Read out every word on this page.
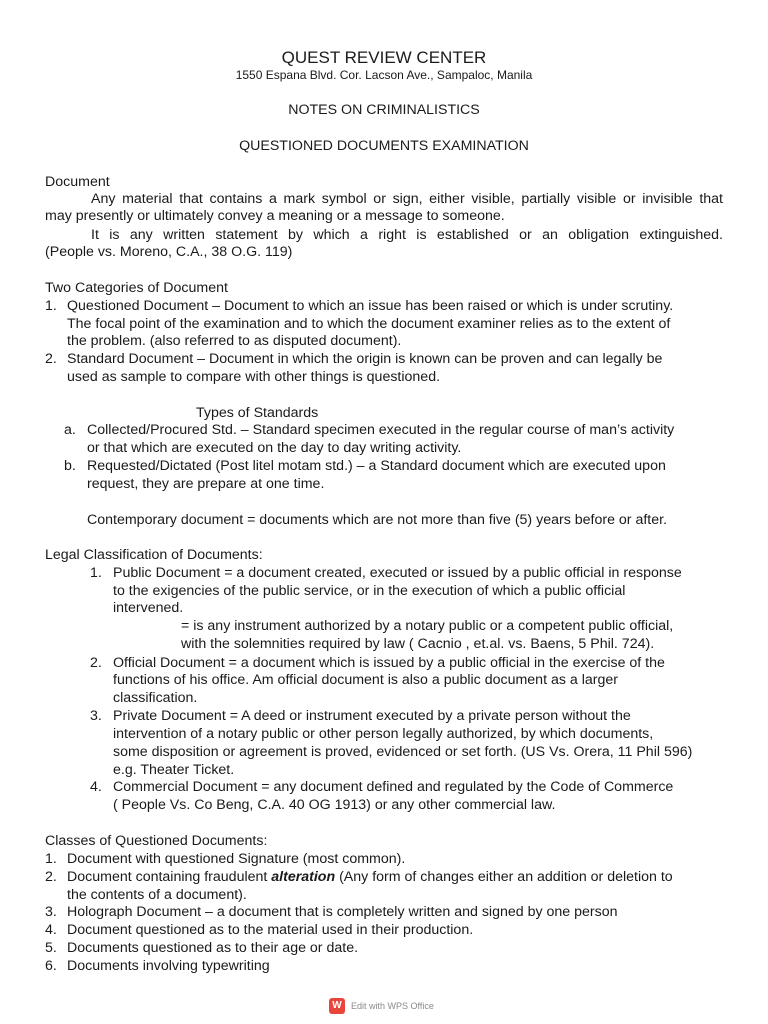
QUEST REVIEW CENTER
1550 Espana Blvd. Cor. Lacson Ave., Sampaloc, Manila
NOTES ON CRIMINALISTICS
QUESTIONED DOCUMENTS EXAMINATION
Document
Any material that contains a mark symbol or sign, either visible, partially visible or invisible that
may presently or ultimately convey a meaning or a message to someone.
It is any written statement by which a right is established or an obligation extinguished.
(People vs. Moreno, C.A., 38 O.G. 119)
Two Categories of Document
1. Questioned Document – Document to which an issue has been raised or which is under scrutiny.
The focal point of the examination and to which the document examiner relies as to the extent of
the problem. (also referred to as disputed document).
2. Standard Document – Document in which the origin is known can be proven and can legally be
used as sample to compare with other things is questioned.
Types of Standards
a. Collected/Procured Std. – Standard specimen executed in the regular course of man’s activity
or that which are executed on the day to day writing activity.
b. Requested/Dictated (Post litel motam std.) – a Standard document which are executed upon
request, they are prepare at one time.
Contemporary document = documents which are not more than five (5) years before or after.
Legal Classification of Documents:
1. Public Document = a document created, executed or issued by a public official in response
to the exigencies of the public service, or in the execution of which a public official
intervened.
= is any instrument authorized by a notary public or a competent public official,
with the solemnities required by law ( Cacnio , et.al. vs. Baens, 5 Phil. 724).
2. Official Document = a document which is issued by a public official in the exercise of the
functions of his office. Am official document is also a public document as a larger
classification.
3. Private Document = A deed or instrument executed by a private person without the
intervention of a notary public or other person legally authorized, by which documents,
some disposition or agreement is proved, evidenced or set forth. (US Vs. Orera, 11 Phil 596)
e.g. Theater Ticket.
4. Commercial Document = any document defined and regulated by the Code of Commerce
( People Vs. Co Beng, C.A. 40 OG 1913) or any other commercial law.
Classes of Questioned Documents:
1. Document with questioned Signature (most common).
2. Document containing fraudulent alteration (Any form of changes either an addition or deletion to
the contents of a document).
3. Holograph Document – a document that is completely written and signed by one person
4. Document questioned as to the material used in their production.
5. Documents questioned as to their age or date.
6. Documents involving typewriting
W	Edit with WPS Office
